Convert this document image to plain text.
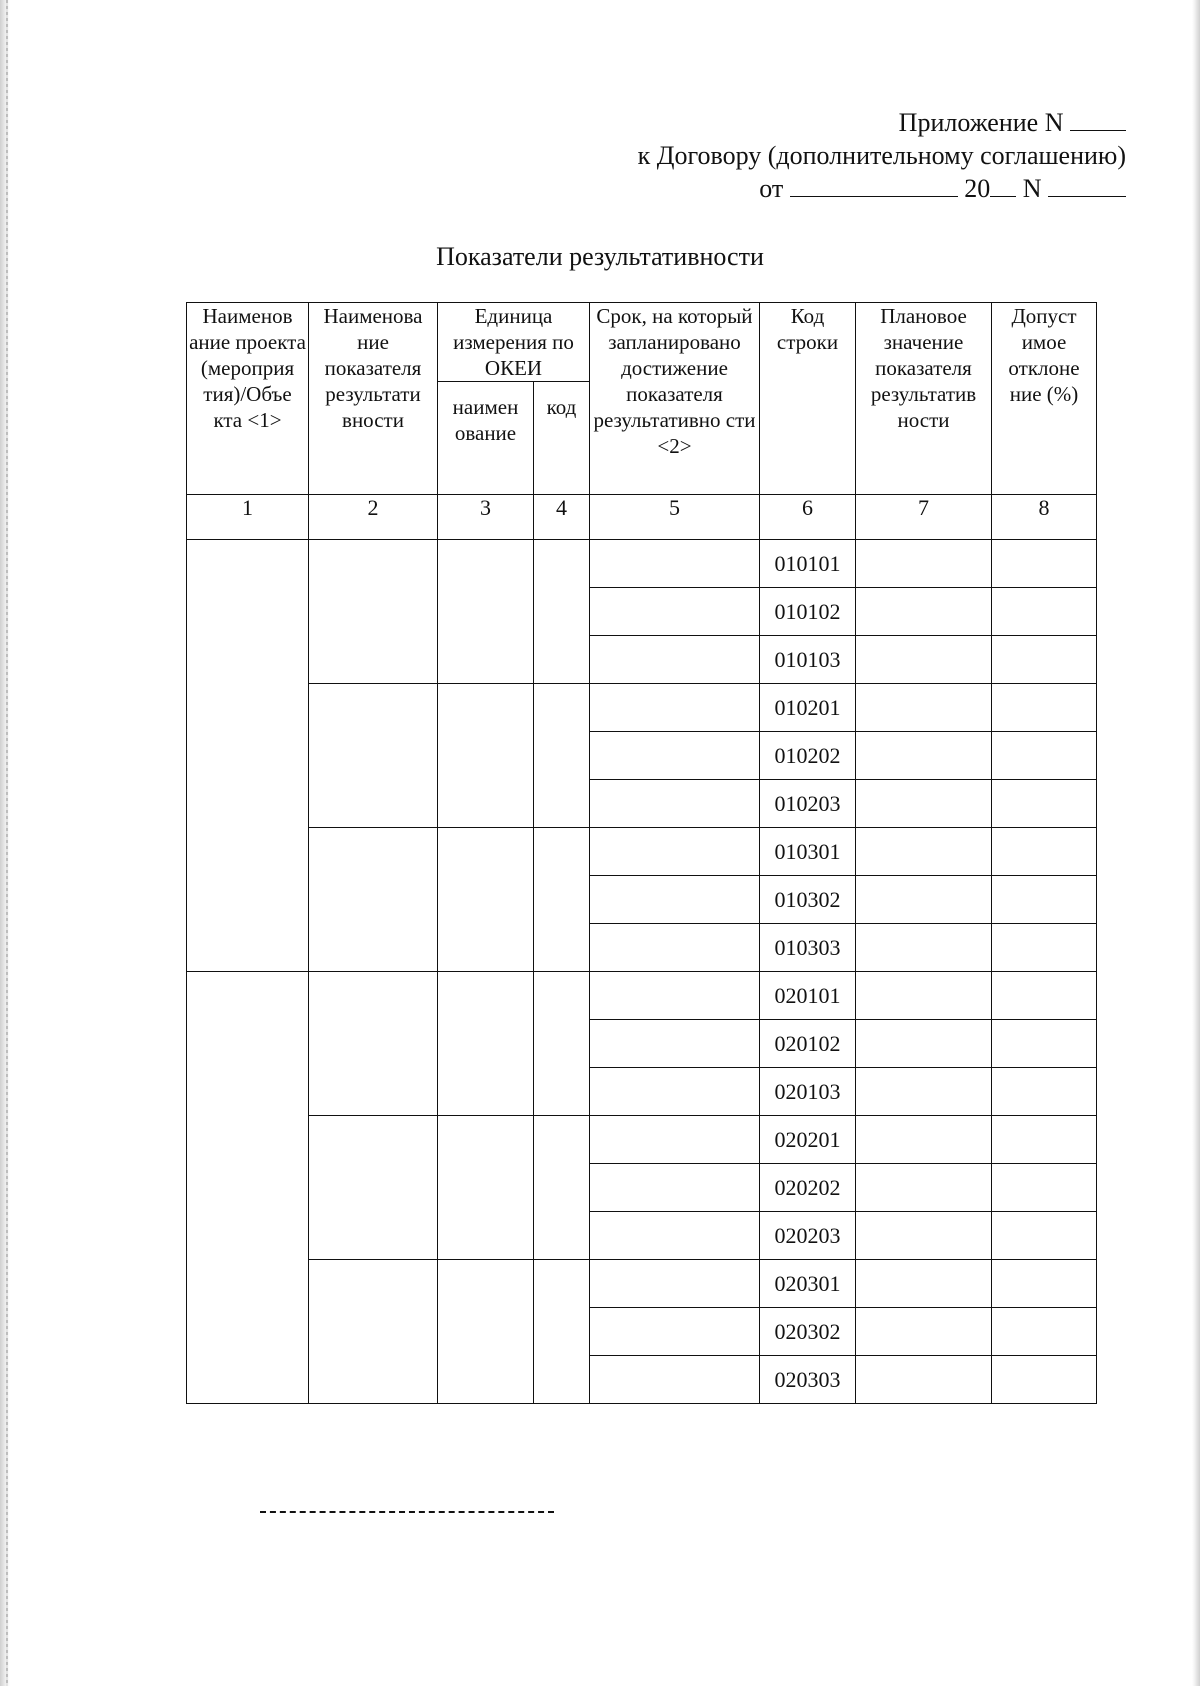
Приложение N
к Договору (дополнительному соглашению)
от	20 N
Показатели результативности
Наименов ание проекта (мероприя тия)/Объе кта <1>	Наименова ние показателя результати вности	Единица измерения по ОКЕИ		Срок, на который запланировано достижение показателя результативно сти <2>	Код строки	Плановое значение показателя результатив ности	Допуст имое отклоне ние (%)
		наимен ование	код				
1	2	3	4	5	6	7	8
					010101		
					010102		
					010103		
					010201		
					010202		
					010203		
					010301		
					010302		
					010303		
					020101		
					020102		
					020103		
					020201		
					020202		
					020203		
					020301		
					020302		
					020303		
